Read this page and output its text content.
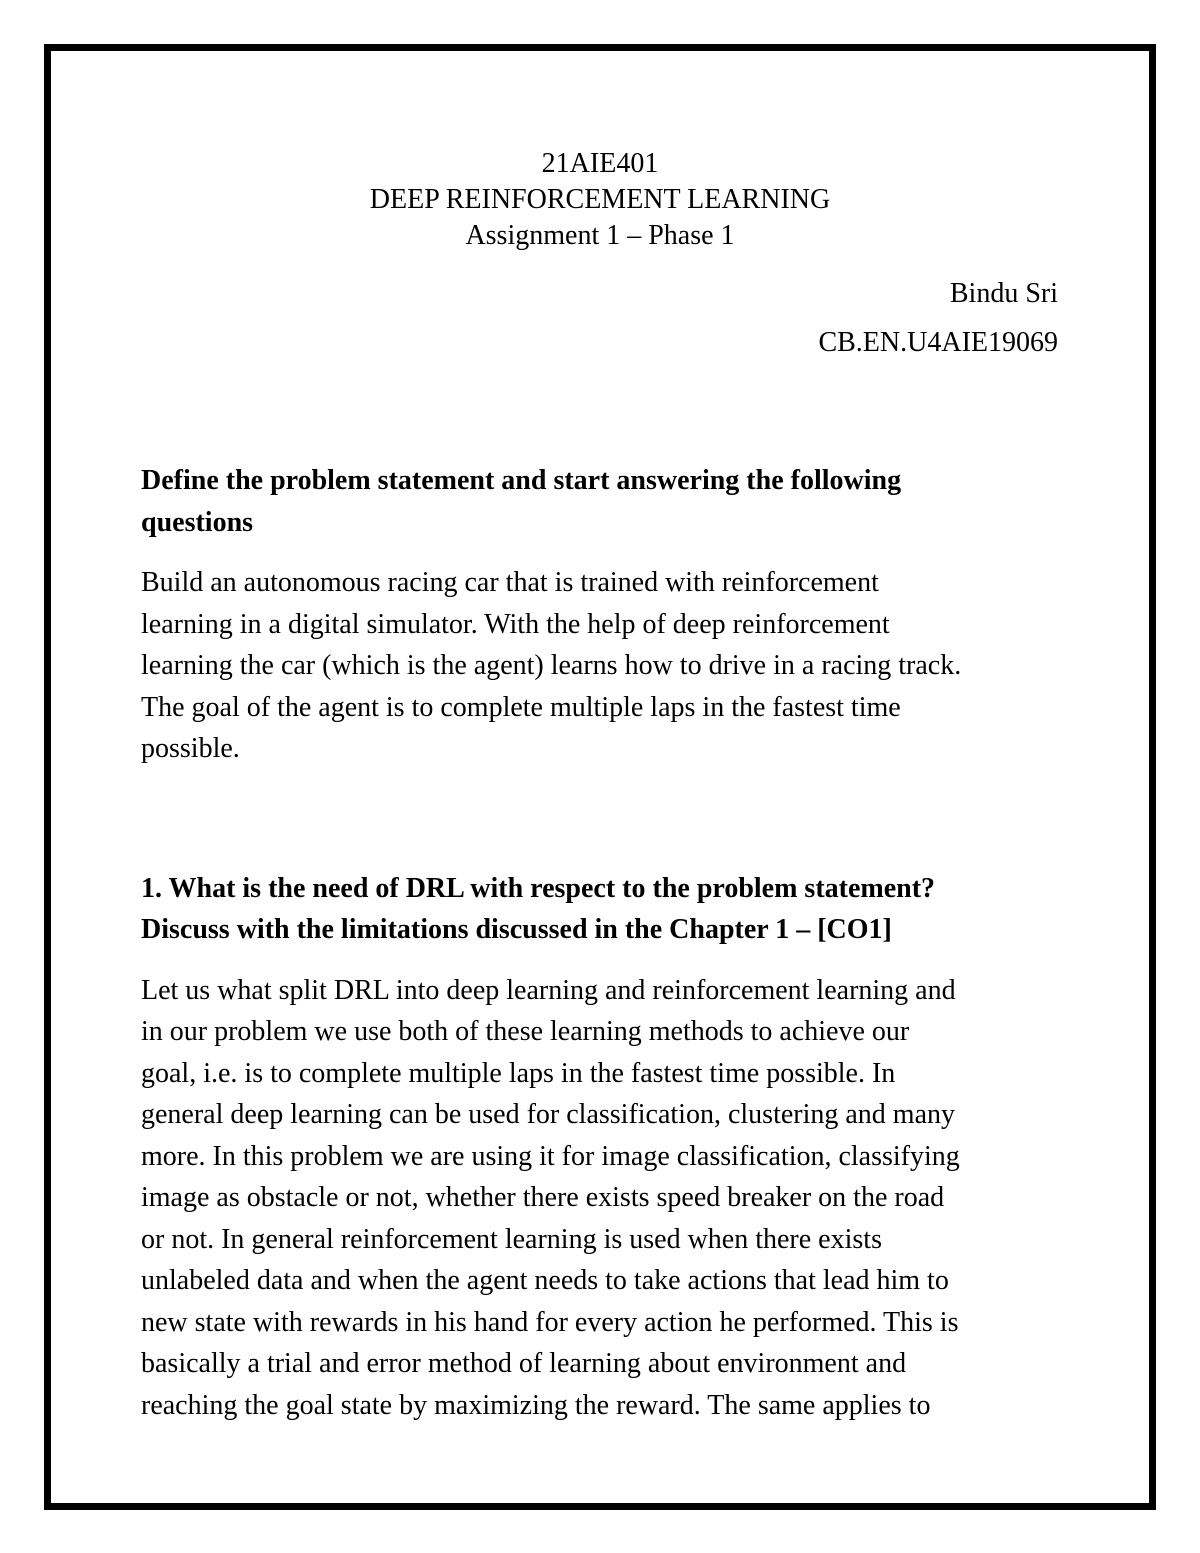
21AIE401
DEEP REINFORCEMENT LEARNING
Assignment 1 – Phase 1
Bindu Sri
CB.EN.U4AIE19069
Define the problem statement and start answering the following
questions
Build an autonomous racing car that is trained with reinforcement
learning in a digital simulator. With the help of deep reinforcement
learning the car (which is the agent) learns how to drive in a racing track.
The goal of the agent is to complete multiple laps in the fastest time
possible.
1. What is the need of DRL with respect to the problem statement?
Discuss with the limitations discussed in the Chapter 1 – [CO1]
Let us what split DRL into deep learning and reinforcement learning and
in our problem we use both of these learning methods to achieve our
goal, i.e. is to complete multiple laps in the fastest time possible. In
general deep learning can be used for classification, clustering and many
more. In this problem we are using it for image classification, classifying
image as obstacle or not, whether there exists speed breaker on the road
or not. In general reinforcement learning is used when there exists
unlabeled data and when the agent needs to take actions that lead him to
new state with rewards in his hand for every action he performed. This is
basically a trial and error method of learning about environment and
reaching the goal state by maximizing the reward. The same applies to
